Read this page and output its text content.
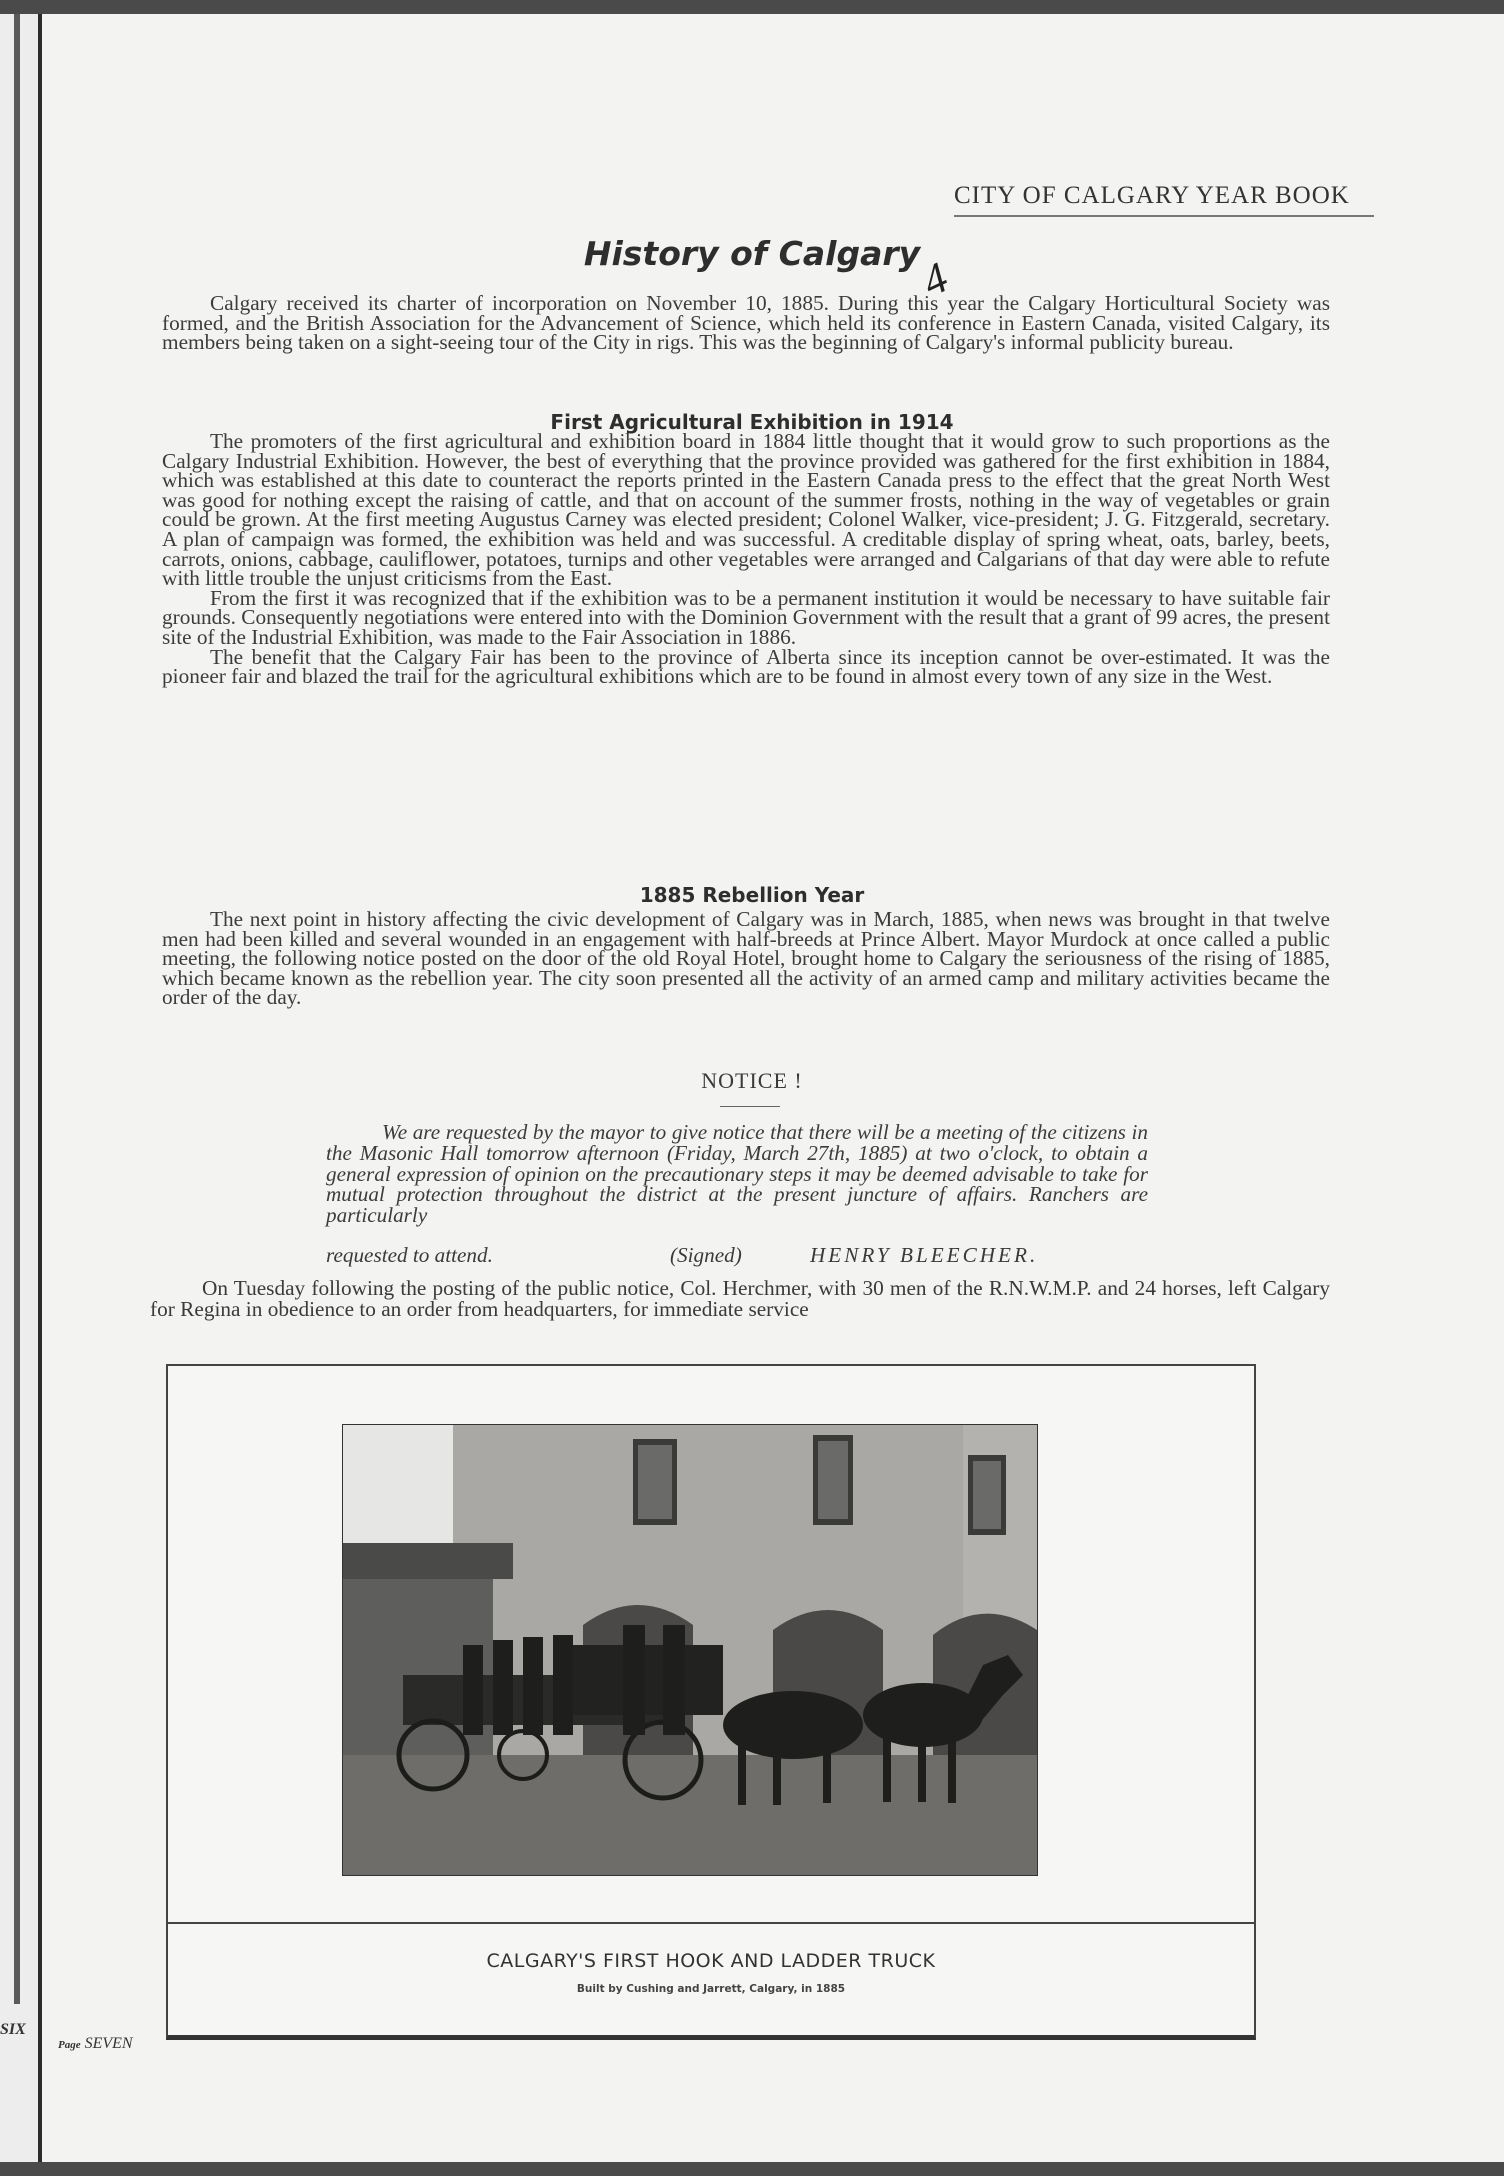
CITY OF CALGARY YEAR BOOK
History of Calgary
4

Calgary received its charter of incorporation on November 10, 1885. During this year the Calgary Horticultural Society was formed, and the British Association for the Advancement of Science, which held its conference in Eastern Canada, visited Calgary, its members being taken on a sight-seeing tour of the City in rigs. This was the beginning of Calgary's informal publicity bureau.

First Agricultural Exhibition in 1914

The promoters of the first agricultural and exhibition board in 1884 little thought that it would grow to such proportions as the Calgary Industrial Exhibition. However, the best of everything that the province provided was gathered for the first exhibition in 1884, which was established at this date to counteract the reports printed in the Eastern Canada press to the effect that the great North West was good for nothing except the raising of cattle, and that on account of the summer frosts, nothing in the way of vegetables or grain could be grown. At the first meeting Augustus Carney was elected president; Colonel Walker, vice-president; J. G. Fitzgerald, secretary. A plan of campaign was formed, the exhibition was held and was successful. A creditable display of spring wheat, oats, barley, beets, carrots, onions, cabbage, cauliflower, potatoes, turnips and other vegetables were arranged and Calgarians of that day were able to refute with little trouble the unjust criticisms from the East.

From the first it was recognized that if the exhibition was to be a permanent institution it would be necessary to have suitable fair grounds. Consequently negotiations were entered into with the Dominion Government with the result that a grant of 99 acres, the present site of the Industrial Exhibition, was made to the Fair Association in 1886.

The benefit that the Calgary Fair has been to the province of Alberta since its inception cannot be over-estimated. It was the pioneer fair and blazed the trail for the agricultural exhibitions which are to be found in almost every town of any size in the West.

1885 Rebellion Year

The next point in history affecting the civic development of Calgary was in March, 1885, when news was brought in that twelve men had been killed and several wounded in an engagement with half-breeds at Prince Albert. Mayor Murdock at once called a public meeting, the following notice posted on the door of the old Royal Hotel, brought home to Calgary the seriousness of the rising of 1885, which became known as the rebellion year. The city soon presented all the activity of an armed camp and military activities became the order of the day.

NOTICE !

We are requested by the mayor to give notice that there will be a meeting of the citizens in the Masonic Hall tomorrow afternoon (Friday, March 27th, 1885) at two o'clock, to obtain a general expression of opinion on the precautionary steps it may be deemed advisable to take for mutual protection throughout the district at the present juncture of affairs. Ranchers are particularly

requested to attend.	(Signed)	HENRY BLEECHER.

On Tuesday following the posting of the public notice, Col. Herchmer, with 30 men of the R.N.W.M.P. and 24 horses, left Calgary for Regina in obedience to an order from headquarters, for immediate service

CALGARY'S FIRST HOOK AND LADDER TRUCK
Built by Cushing and Jarrett, Calgary, in 1885
Page SEVEN
SIX
